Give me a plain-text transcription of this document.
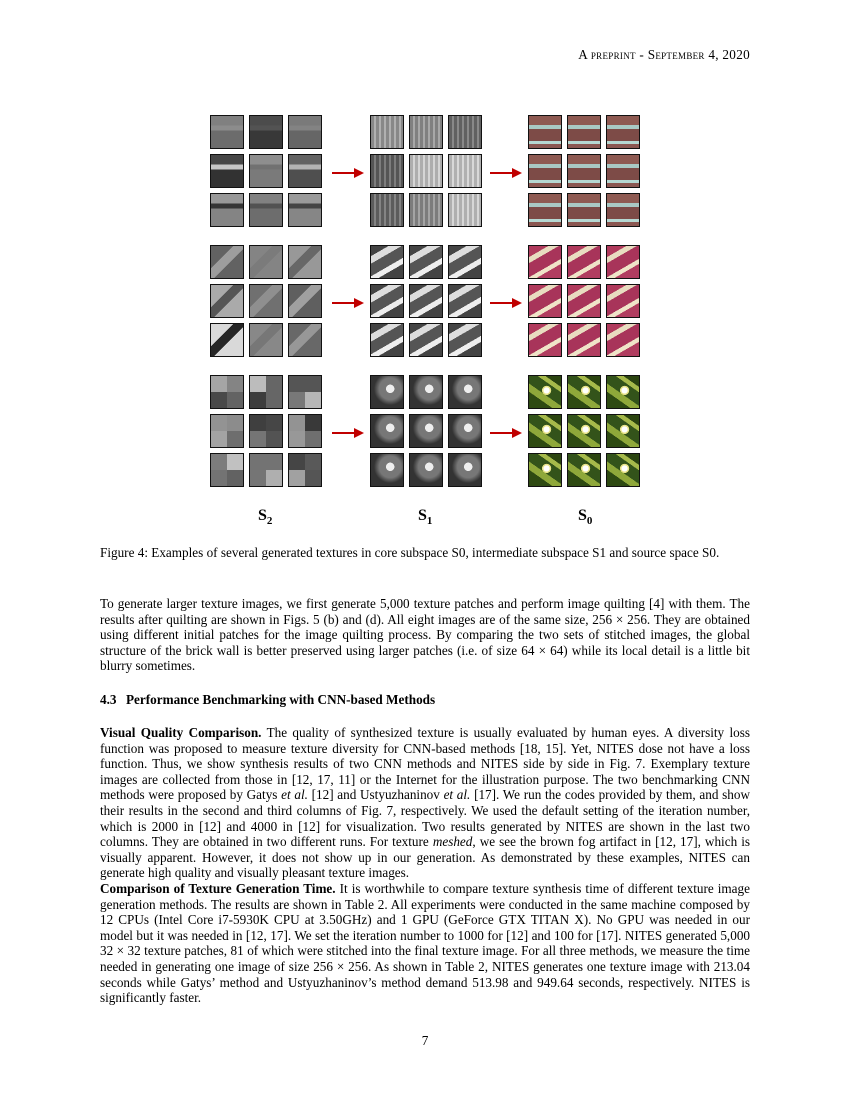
A preprint - September 4, 2020
$S_2$	$S_1$	$S_0$
Figure 4: Examples of several generated textures in core subspace S0, intermediate subspace S1 and source space S0.
To generate larger texture images, we first generate 5,000 texture patches and perform image quilting [4] with them. The results after quilting are shown in Figs. 5 (b) and (d). All eight images are of the same size, 256 × 256. They are obtained using different initial patches for the image quilting process. By comparing the two sets of stitched images, the global structure of the brick wall is better preserved using larger patches (i.e. of size 64 × 64) while its local detail is a little bit blurry sometimes.
4.3 Performance Benchmarking with CNN-based Methods
Visual Quality Comparison. The quality of synthesized texture is usually evaluated by human eyes. A diversity loss function was proposed to measure texture diversity for CNN-based methods [18, 15]. Yet, NITES dose not have a loss function. Thus, we show synthesis results of two CNN methods and NITES side by side in Fig. 7. Exemplary texture images are collected from those in [12, 17, 11] or the Internet for the illustration purpose. The two benchmarking CNN methods were proposed by Gatys et al. [12] and Ustyuzhaninov et al. [17]. We run the codes provided by them, and show their results in the second and third columns of Fig. 7, respectively. We used the default setting of the iteration number, which is 2000 in [12] and 4000 in [12] for visualization. Two results generated by NITES are shown in the last two columns. They are obtained in two different runs. For texture meshed, we see the brown fog artifact in [12, 17], which is visually apparent. However, it does not show up in our generation. As demonstrated by these examples, NITES can generate high quality and visually pleasant texture images.
Comparison of Texture Generation Time. It is worthwhile to compare texture synthesis time of different texture image generation methods. The results are shown in Table 2. All experiments were conducted in the same machine composed by 12 CPUs (Intel Core i7-5930K CPU at 3.50GHz) and 1 GPU (GeForce GTX TITAN X). No GPU was needed in our model but it was needed in [12, 17]. We set the iteration number to 1000 for [12] and 100 for [17]. NITES generated 5,000 32 × 32 texture patches, 81 of which were stitched into the final texture image. For all three methods, we measure the time needed in generating one image of size 256 × 256. As shown in Table 2, NITES generates one texture image with 213.04 seconds while Gatys’ method and Ustyuzhaninov’s method demand 513.98 and 949.64 seconds, respectively. NITES is significantly faster.
7
